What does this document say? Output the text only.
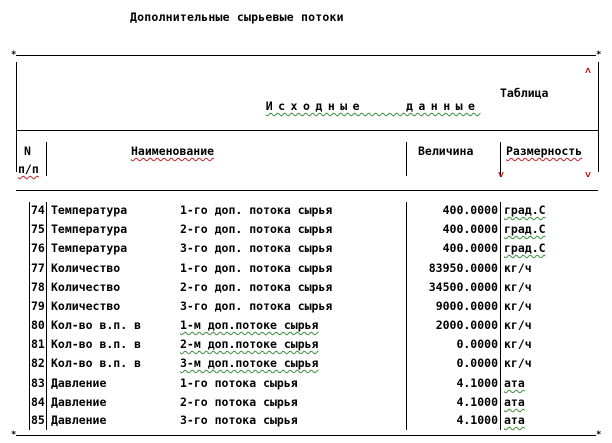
Дополнительные сырьевые потоки
*	*

Исходные  данные

Таблица
˄
N
п/п
Наименование	Величина	Размерность
˅	˅
*	*
74 Температура	1-го доп. потока сырья	400.0000 град.С
75 Температура	2-го доп. потока сырья	400.0000 град.С
76 Температура	3-го доп. потока сырья	400.0000 град.С
77 Количество	1-го доп. потока сырья	83950.0000 кг/ч
78 Количество	2-го доп. потока сырья	34500.0000 кг/ч
79 Количество	3-го доп. потока сырья	9000.0000 кг/ч
80 Кол-во в.п. в	1-м доп.потоке сырья	2000.0000 кг/ч
81 Кол-во в.п. в	2-м доп.потоке сырья	0.0000 кг/ч
82 Кол-во в.п. в	3-м доп.потоке сырья	0.0000 кг/ч
83 Давление	1-го потока сырья	4.1000 ата
84 Давление	2-го потока сырья	4.1000 ата
85 Давление	3-го потока сырья	4.1000 ата
